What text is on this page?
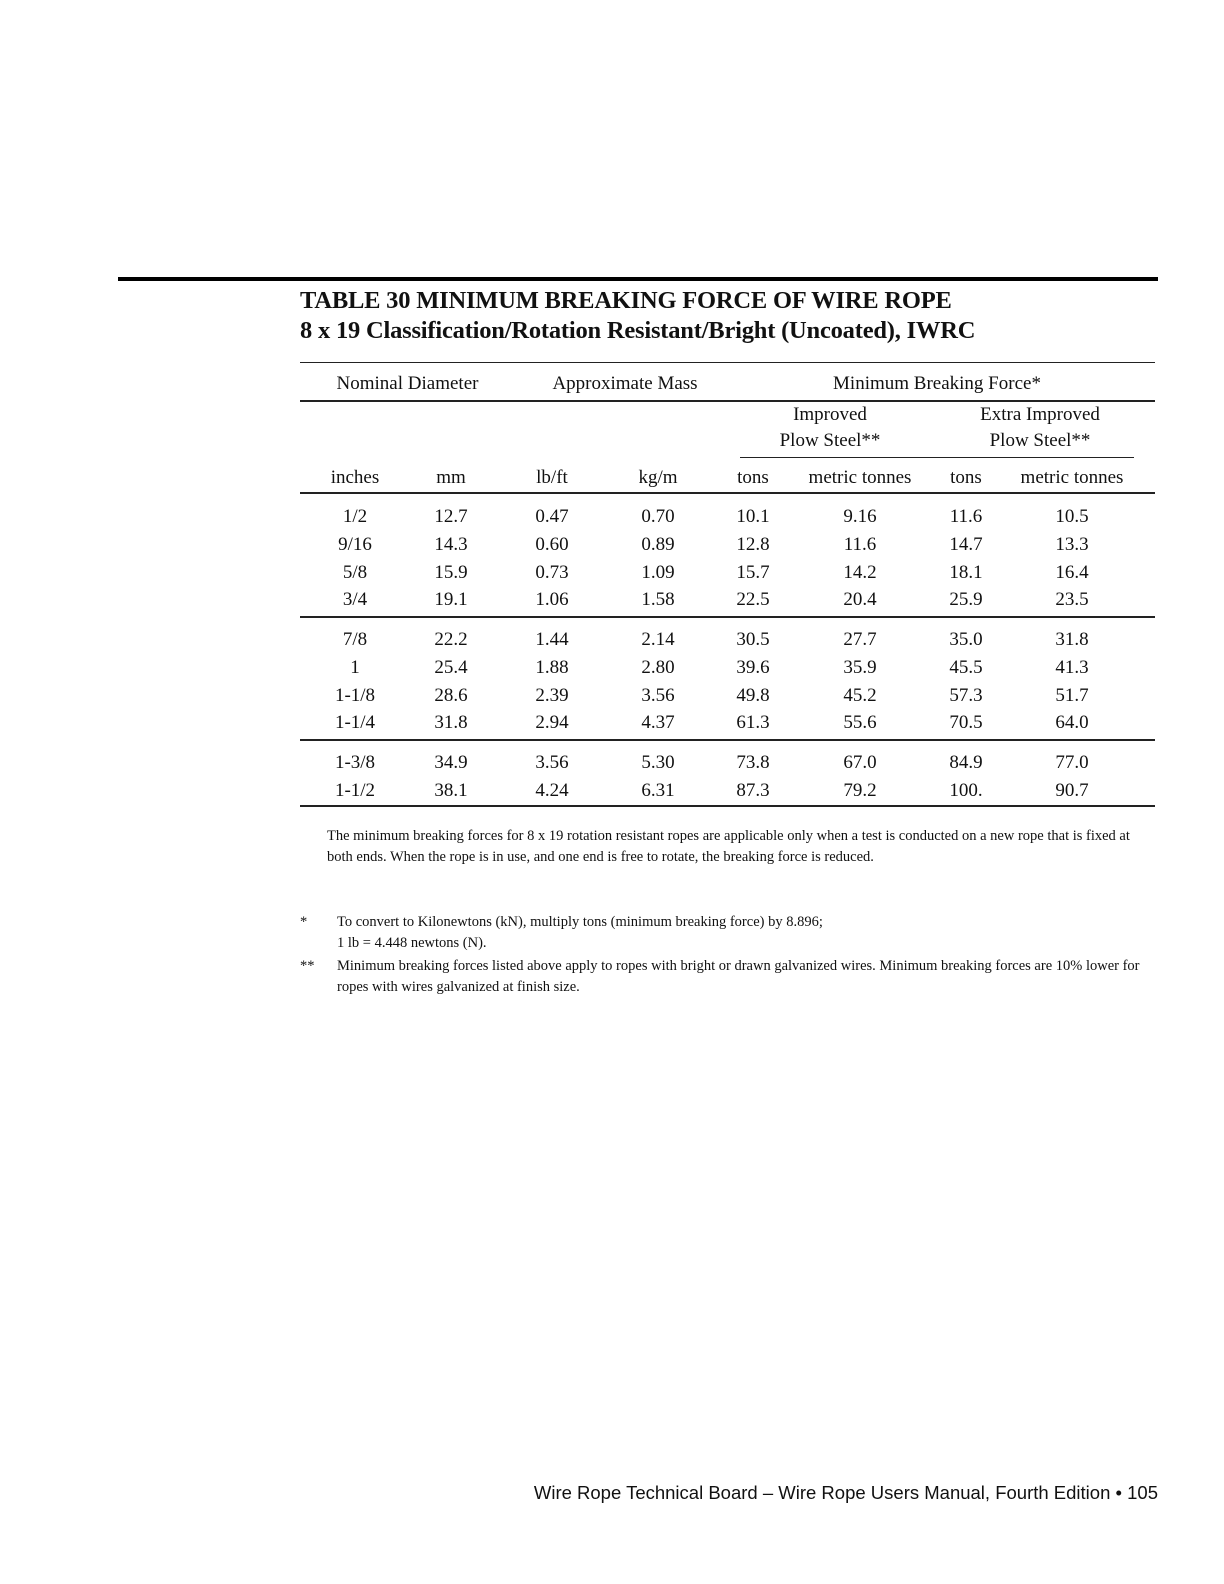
TABLE 30 MINIMUM BREAKING FORCE OF WIRE ROPE
8 x 19 Classification/Rotation Resistant/Bright (Uncoated), IWRC
Nominal Diameter	Approximate Mass	Minimum Breaking Force*
Improved
Plow Steel**
Extra Improved
Plow Steel**
inches	mm	lb/ft	kg/m	tons	metric tonnes	tons	metric tonnes
1/2	12.7	0.47	0.70	10.1	9.16	11.6	10.5
9/16	14.3	0.60	0.89	12.8	11.6	14.7	13.3
5/8	15.9	0.73	1.09	15.7	14.2	18.1	16.4
3/4	19.1	1.06	1.58	22.5	20.4	25.9	23.5
7/8	22.2	1.44	2.14	30.5	27.7	35.0	31.8
1	25.4	1.88	2.80	39.6	35.9	45.5	41.3
1-1/8	28.6	2.39	3.56	49.8	45.2	57.3	51.7
1-1/4	31.8	2.94	4.37	61.3	55.6	70.5	64.0
1-3/8	34.9	3.56	5.30	73.8	67.0	84.9	77.0
1-1/2	38.1	4.24	6.31	87.3	79.2	100.	90.7
The minimum breaking forces for 8 x 19 rotation resistant ropes are applicable only when a test is conducted on a new rope that is fixed at both ends. When the rope is in use, and one end is free to rotate, the breaking force is reduced.
* To convert to Kilonewtons (kN), multiply tons (minimum breaking force) by 8.896;
1 lb = 4.448 newtons (N).
** Minimum breaking forces listed above apply to ropes with bright or drawn galvanized wires. Minimum breaking forces are 10% lower for ropes with wires galvanized at finish size.
Wire Rope Technical Board – Wire Rope Users Manual, Fourth Edition • 105
